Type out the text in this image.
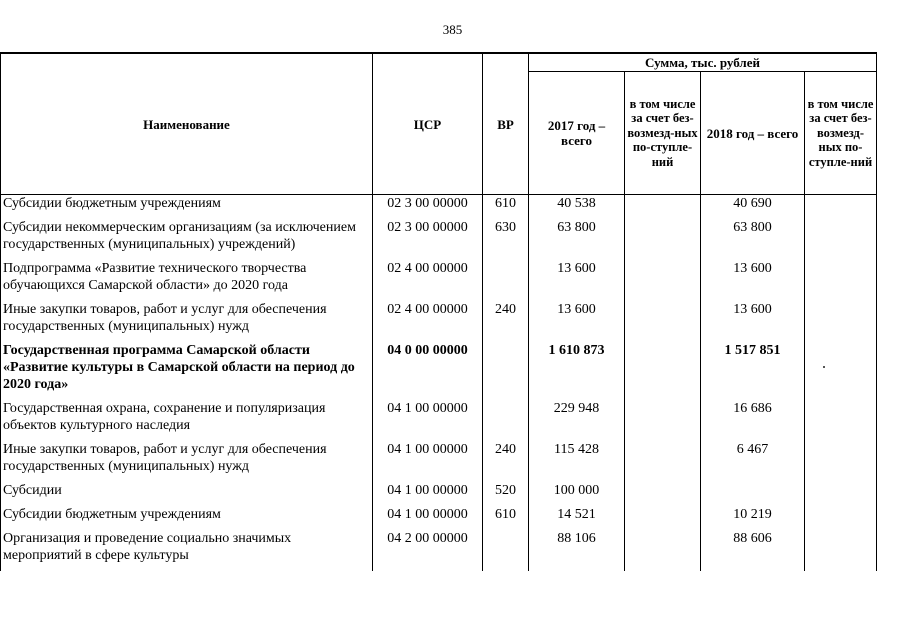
385
Наименование	ЦСР	ВР	Сумма, тыс. рублей			
			2017 год – всего	в том числе за счет без-возмезд-ных по-ступле-ний	2018 год – всего	в том числе за счет без-возмезд-ных по-ступле-ний
Субсидии бюджетным учреждениям	02 3 00 00000	610	40 538		40 690	
Субсидии некоммерческим организациям (за исключением государственных (муниципальных) учреждений)	02 3 00 00000	630	63 800		63 800	
Подпрограмма «Развитие технического творчества обучающихся Самарской области» до 2020 года	02 4 00 00000		13 600		13 600	
Иные закупки товаров, работ и услуг для обеспечения государственных (муниципальных) нужд	02 4 00 00000	240	13 600		13 600	
Государственная программа Самарской области «Развитие культуры в Самарской области на период до 2020 года»	04 0 00 00000		1 610 873		1 517 851	
Государственная охрана, сохранение и популяризация объектов культурного наследия	04 1 00 00000		229 948		16 686	
Иные закупки товаров, работ и услуг для обеспечения государственных (муниципальных) нужд	04 1 00 00000	240	115 428		6 467	
Субсидии	04 1 00 00000	520	100 000			
Субсидии бюджетным учреждениям	04 1 00 00000	610	14 521		10 219	
Организация и проведение социально значимых мероприятий в сфере культуры	04 2 00 00000		88 106		88 606	
